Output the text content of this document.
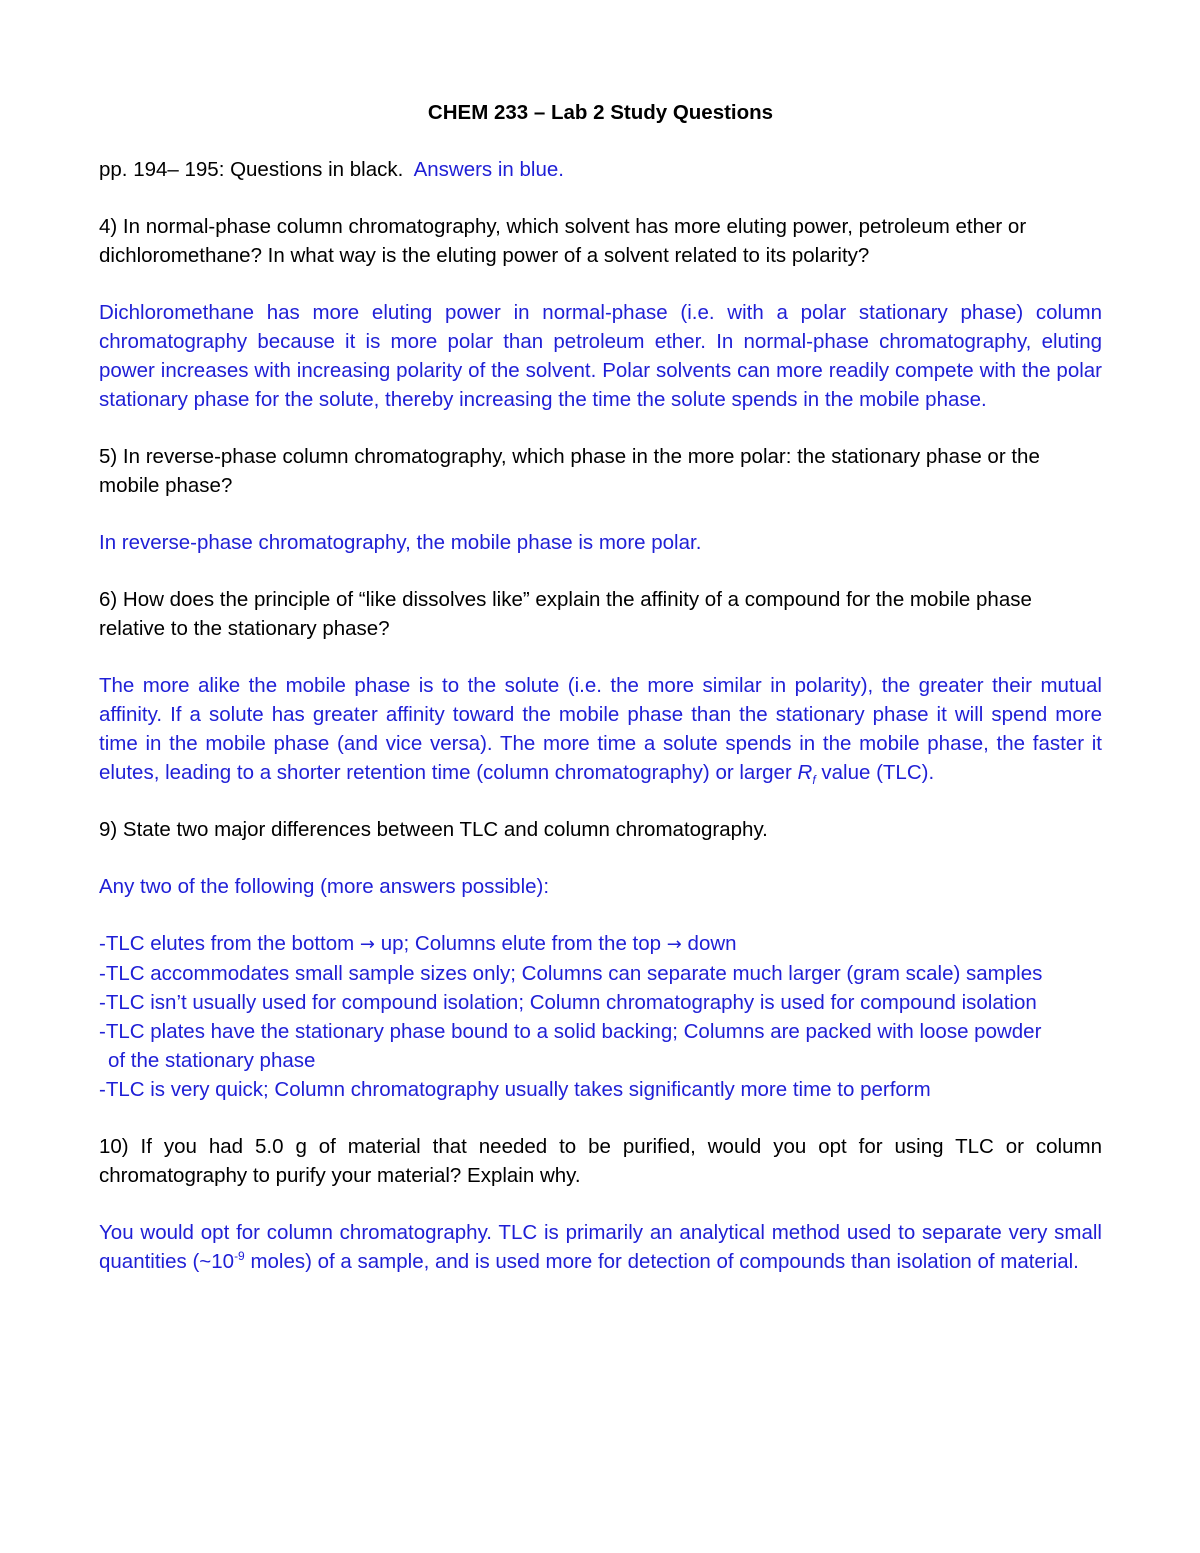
CHEM 233 – Lab 2 Study Questions

pp. 194– 195: Questions in black. Answers in blue.

4) In normal-phase column chromatography, which solvent has more eluting power, petroleum ether or dichloromethane? In what way is the eluting power of a solvent related to its polarity?

Dichloromethane has more eluting power in normal-phase (i.e. with a polar stationary phase) column chromatography because it is more polar than petroleum ether. In normal-phase chromatography, eluting power increases with increasing polarity of the solvent. Polar solvents can more readily compete with the polar stationary phase for the solute, thereby increasing the time the solute spends in the mobile phase.

5) In reverse-phase column chromatography, which phase in the more polar: the stationary phase or the mobile phase?

In reverse-phase chromatography, the mobile phase is more polar.

6) How does the principle of “like dissolves like” explain the affinity of a compound for the mobile phase relative to the stationary phase?

The more alike the mobile phase is to the solute (i.e. the more similar in polarity), the greater their mutual affinity. If a solute has greater affinity toward the mobile phase than the stationary phase it will spend more time in the mobile phase (and vice versa). The more time a solute spends in the mobile phase, the faster it elutes, leading to a shorter retention time (column chromatography) or larger $R_f$ value (TLC).

9) State two major differences between TLC and column chromatography.

Any two of the following (more answers possible):

-TLC elutes from the bottom → up; Columns elute from the top → down
-TLC accommodates small sample sizes only; Columns can separate much larger (gram scale) samples
-TLC isn’t usually used for compound isolation; Column chromatography is used for compound isolation
-TLC plates have the stationary phase bound to a solid backing; Columns are packed with loose powder
of the stationary phase
-TLC is very quick; Column chromatography usually takes significantly more time to perform

10) If you had 5.0 g of material that needed to be purified, would you opt for using TLC or column chromatography to purify your material? Explain why.

You would opt for column chromatography. TLC is primarily an analytical method used to separate very small quantities ($\sim 10^{-9}$ moles) of a sample, and is used more for detection of compounds than isolation of material.
